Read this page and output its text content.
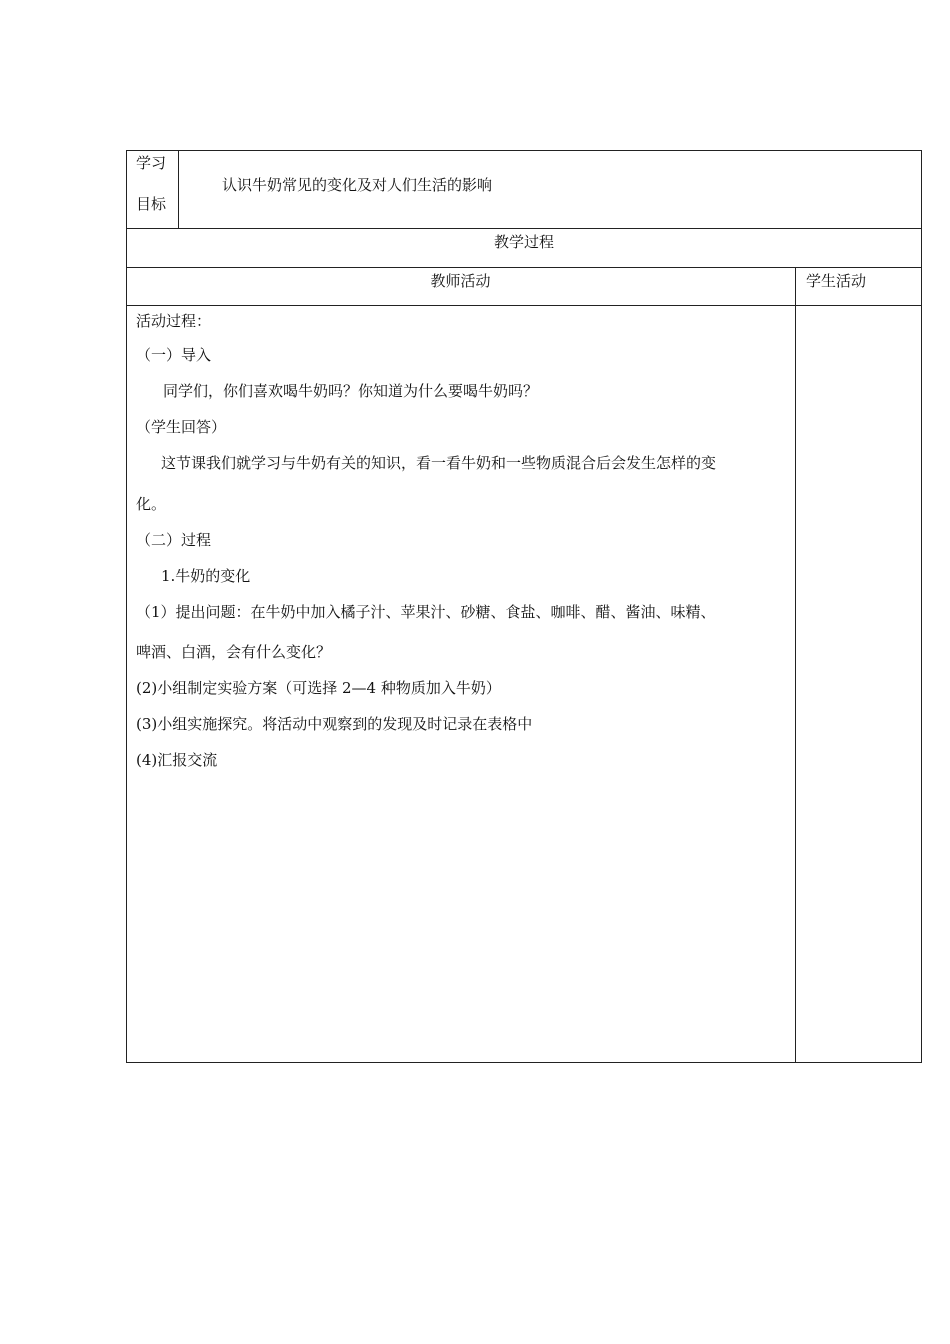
学习
目标
认识牛奶常见的变化及对人们生活的影响
教学过程
教师活动	学生活动
活动过程：
（一）导入
同学们，你们喜欢喝牛奶吗？你知道为什么要喝牛奶吗？
（学生回答）
这节课我们就学习与牛奶有关的知识，看一看牛奶和一些物质混合后会发生怎样的变
化。
（二）过程
1.牛奶的变化
（1）提出问题：在牛奶中加入橘子汁、苹果汁、砂糖、食盐、咖啡、醋、酱油、味精、
啤酒、白酒，会有什么变化？
(2)小组制定实验方案（可选择 2—4 种物质加入牛奶）
(3)小组实施探究。将活动中观察到的发现及时记录在表格中
(4)汇报交流
